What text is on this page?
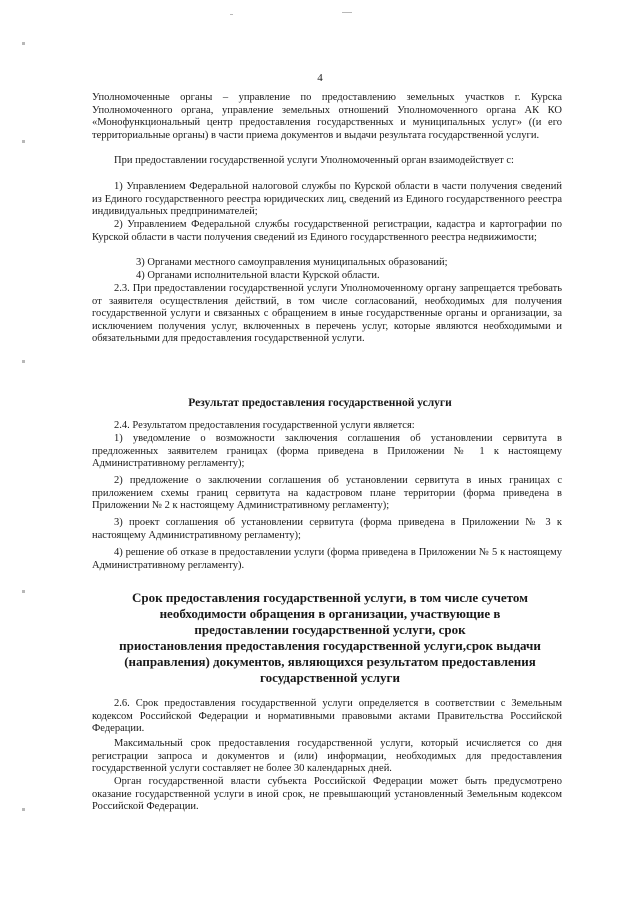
4
Уполномоченные органы – управление по предоставлению земельных участков г. Курска Уполномоченного органа, управление земельных отношений Уполномоченного органа АК КО «Монофункциональный центр предоставления государственных и муниципальных услуг» ((и его территориальные органы) в части приема документов и выдачи результата государственной услуги.
При предоставлении государственной услуги Уполномоченный орган взаимодействует с:
1) Управлением Федеральной налоговой службы по Курской области в части получения сведений из Единого государственного реестра юридических лиц, сведений из Единого государственного реестра индивидуальных предпринимателей;
2) Управлением Федеральной службы государственной регистрации, кадастра и картографии по Курской области в части получения сведений из Единого государственного реестра недвижимости;
3) Органами местного самоуправления муниципальных образований;
4) Органами исполнительной власти Курской области.
2.3. При предоставлении государственной услуги Уполномоченному органу запрещается требовать от заявителя осуществления действий, в том числе согласований, необходимых для получения государственной услуги и связанных с обращением в иные государственные органы и организации, за исключением получения услуг, включенных в перечень услуг, которые являются необходимыми и обязательными для предоставления государственной услуги.
Результат предоставления государственной услуги
2.4. Результатом предоставления государственной услуги является:
1) уведомление о возможности заключения соглашения об установлении сервитута в предложенных заявителем границах (форма приведена в Приложении № 1 к настоящему Административному регламенту);
2) предложение о заключении соглашения об установлении сервитута в иных границах с приложением схемы границ сервитута на кадастровом плане территории (форма приведена в Приложении № 2 к настоящему Административному регламенту);
3) проект соглашения об установлении сервитута (форма приведена в Приложении № 3 к настоящему Административному регламенту);
4) решение об отказе в предоставлении услуги (форма приведена в Приложении № 5 к настоящему Административному регламенту).
Срок предоставления государственной услуги, в том числе сучетом
необходимости обращения в организации, участвующие в
предоставлении государственной услуги, срок
приостановления предоставления государственной услуги,срок выдачи
(направления) документов, являющихся результатом предоставления
государственной услуги
2.6. Срок предоставления государственной услуги определяется в соответствии с Земельным кодексом Российской Федерации и нормативными правовыми актами Правительства Российской Федерации.
Максимальный срок предоставления государственной услуги, который исчисляется со дня регистрации запроса и документов и (или) информации, необходимых для предоставления государственной услуги составляет не более 30 календарных дней.
Орган государственной власти субъекта Российской Федерации может быть предусмотрено оказание государственной услуги в иной срок, не превышающий установленный Земельным кодексом Российской Федерации.
